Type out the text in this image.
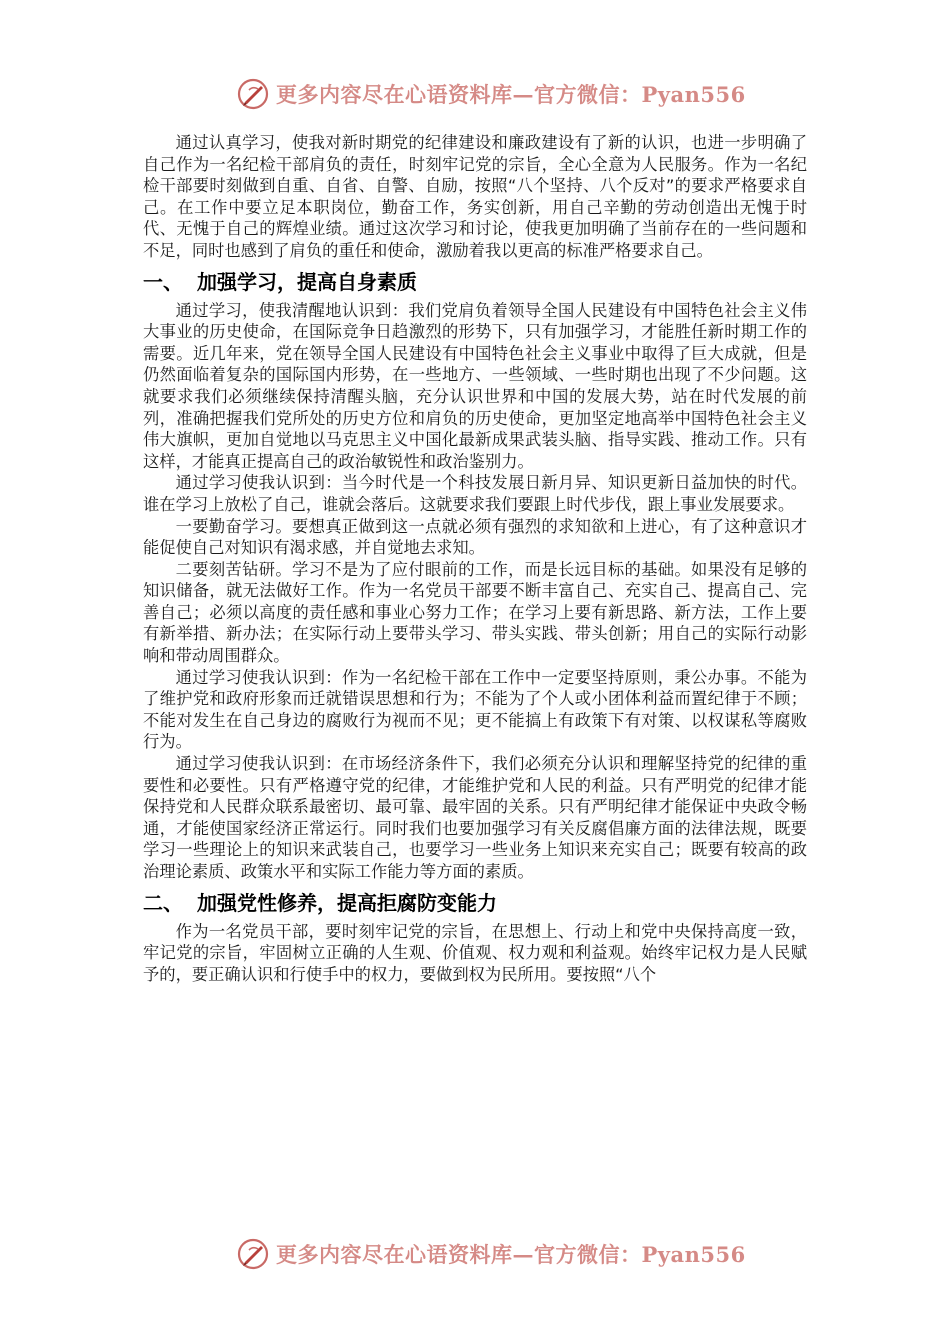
更多内容尽在心语资料库—官方微信：Pyan556

通过认真学习，使我对新时期党的纪律建设和廉政建设有了新的认识，也进一步明确了自己作为一名纪检干部肩负的责任，时刻牢记党的宗旨，全心全意为人民服务。作为一名纪检干部要时刻做到自重、自省、自警、自励，按照“八个坚持、八个反对”的要求严格要求自己。在工作中要立足本职岗位，勤奋工作，务实创新，用自己辛勤的劳动创造出无愧于时代、无愧于自己的辉煌业绩。通过这次学习和讨论，使我更加明确了当前存在的一些问题和不足，同时也感到了肩负的重任和使命，激励着我以更高的标准严格要求自己。

一、 加强学习，提高自身素质

通过学习，使我清醒地认识到：我们党肩负着领导全国人民建设有中国特色社会主义伟大事业的历史使命，在国际竞争日趋激烈的形势下，只有加强学习，才能胜任新时期工作的需要。近几年来，党在领导全国人民建设有中国特色社会主义事业中取得了巨大成就，但是仍然面临着复杂的国际国内形势，在一些地方、一些领域、一些时期也出现了不少问题。这就要求我们必须继续保持清醒头脑，充分认识世界和中国的发展大势，站在时代发展的前列，准确把握我们党所处的历史方位和肩负的历史使命，更加坚定地高举中国特色社会主义伟大旗帜，更加自觉地以马克思主义中国化最新成果武装头脑、指导实践、推动工作。只有这样，才能真正提高自己的政治敏锐性和政治鉴别力。

通过学习使我认识到：当今时代是一个科技发展日新月异、知识更新日益加快的时代。谁在学习上放松了自己，谁就会落后。这就要求我们要跟上时代步伐，跟上事业发展要求。

一要勤奋学习。要想真正做到这一点就必须有强烈的求知欲和上进心，有了这种意识才能促使自己对知识有渴求感，并自觉地去求知。

二要刻苦钻研。学习不是为了应付眼前的工作，而是长远目标的基础。如果没有足够的知识储备，就无法做好工作。作为一名党员干部要不断丰富自己、充实自己、提高自己、完善自己；必须以高度的责任感和事业心努力工作；在学习上要有新思路、新方法，工作上要有新举措、新办法；在实际行动上要带头学习、带头实践、带头创新；用自己的实际行动影响和带动周围群众。

通过学习使我认识到：作为一名纪检干部在工作中一定要坚持原则，秉公办事。不能为了维护党和政府形象而迁就错误思想和行为；不能为了个人或小团体利益而置纪律于不顾；不能对发生在自己身边的腐败行为视而不见；更不能搞上有政策下有对策、以权谋私等腐败行为。

通过学习使我认识到：在市场经济条件下，我们必须充分认识和理解坚持党的纪律的重要性和必要性。只有严格遵守党的纪律，才能维护党和人民的利益。只有严明党的纪律才能保持党和人民群众联系最密切、最可靠、最牢固的关系。只有严明纪律才能保证中央政令畅通，才能使国家经济正常运行。同时我们也要加强学习有关反腐倡廉方面的法律法规，既要学习一些理论上的知识来武装自己，也要学习一些业务上知识来充实自己；既要有较高的政治理论素质、政策水平和实际工作能力等方面的素质。

二、 加强党性修养，提高拒腐防变能力

作为一名党员干部，要时刻牢记党的宗旨，在思想上、行动上和党中央保持高度一致，牢记党的宗旨，牢固树立正确的人生观、价值观、权力观和利益观。始终牢记权力是人民赋予的，要正确认识和行使手中的权力，要做到权为民所用。要按照“八个

更多内容尽在心语资料库—官方微信：Pyan556
